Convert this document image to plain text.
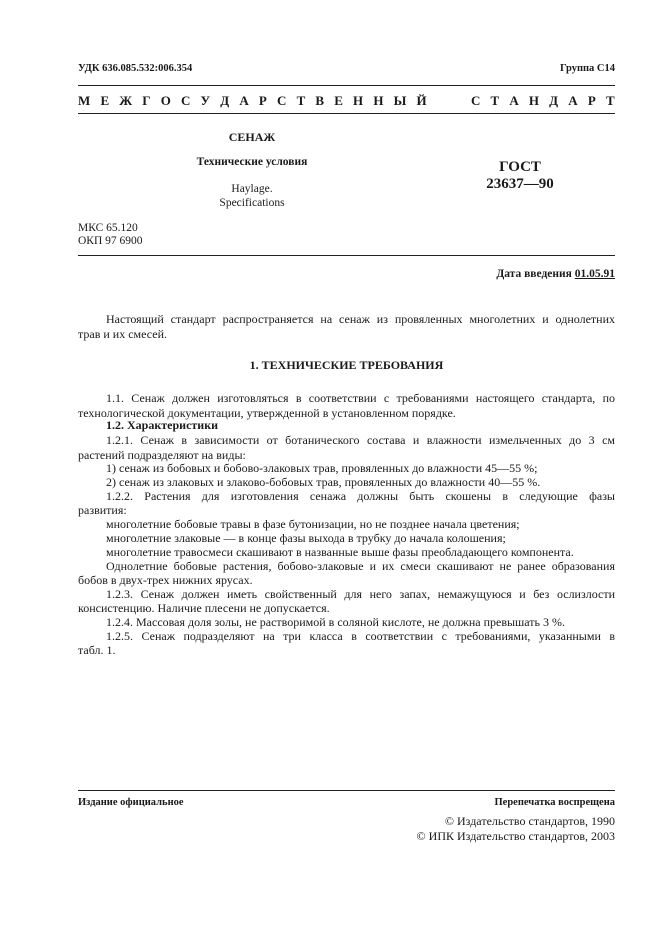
УДК 636.085.532:006.354	Группа С14
М Е Ж Г О С У Д А Р С Т В Е Н Н Ы Й	С Т А Н Д А Р Т
СЕНАЖ
Технические условия
Haylage.
Specifications
ГОСТ
23637—90
МКС 65.120
ОКП 97 6900
Дата введения 01.05.91
Настоящий стандарт распространяется на сенаж из провяленных многолетних и однолетних
трав и их смесей.
1. ТЕХНИЧЕСКИЕ ТРЕБОВАНИЯ
1.1. Сенаж должен изготовляться в соответствии с требованиями настоящего стандарта, по
технологической документации, утвержденной в установленном порядке.
1.2. Характеристики
1.2.1. Сенаж в зависимости от ботанического состава и влажности измельченных до 3 см
растений подразделяют на виды:
1) сенаж из бобовых и бобово-злаковых трав, провяленных до влажности 45—55 %;
2) сенаж из злаковых и злаково-бобовых трав, провяленных до влажности 40—55 %.
1.2.2. Растения для изготовления сенажа должны быть скошены в следующие фазы
развития:
многолетние бобовые травы в фазе бутонизации, но не позднее начала цветения;
многолетние злаковые — в конце фазы выхода в трубку до начала колошения;
многолетние травосмеси скашивают в названные выше фазы преобладающего компонента.
Однолетние бобовые растения, бобово-злаковые и их смеси скашивают не ранее образования
бобов в двух-трех нижних ярусах.
1.2.3. Сенаж должен иметь свойственный для него запах, немажущуюся и без ослизлости
консистенцию. Наличие плесени не допускается.
1.2.4. Массовая доля золы, не растворимой в соляной кислоте, не должна превышать 3 %.
1.2.5. Сенаж подразделяют на три класса в соответствии с требованиями, указанными в
табл. 1.
Издание официальное	Перепечатка воспрещена
© Издательство стандартов, 1990
© ИПК Издательство стандартов, 2003
